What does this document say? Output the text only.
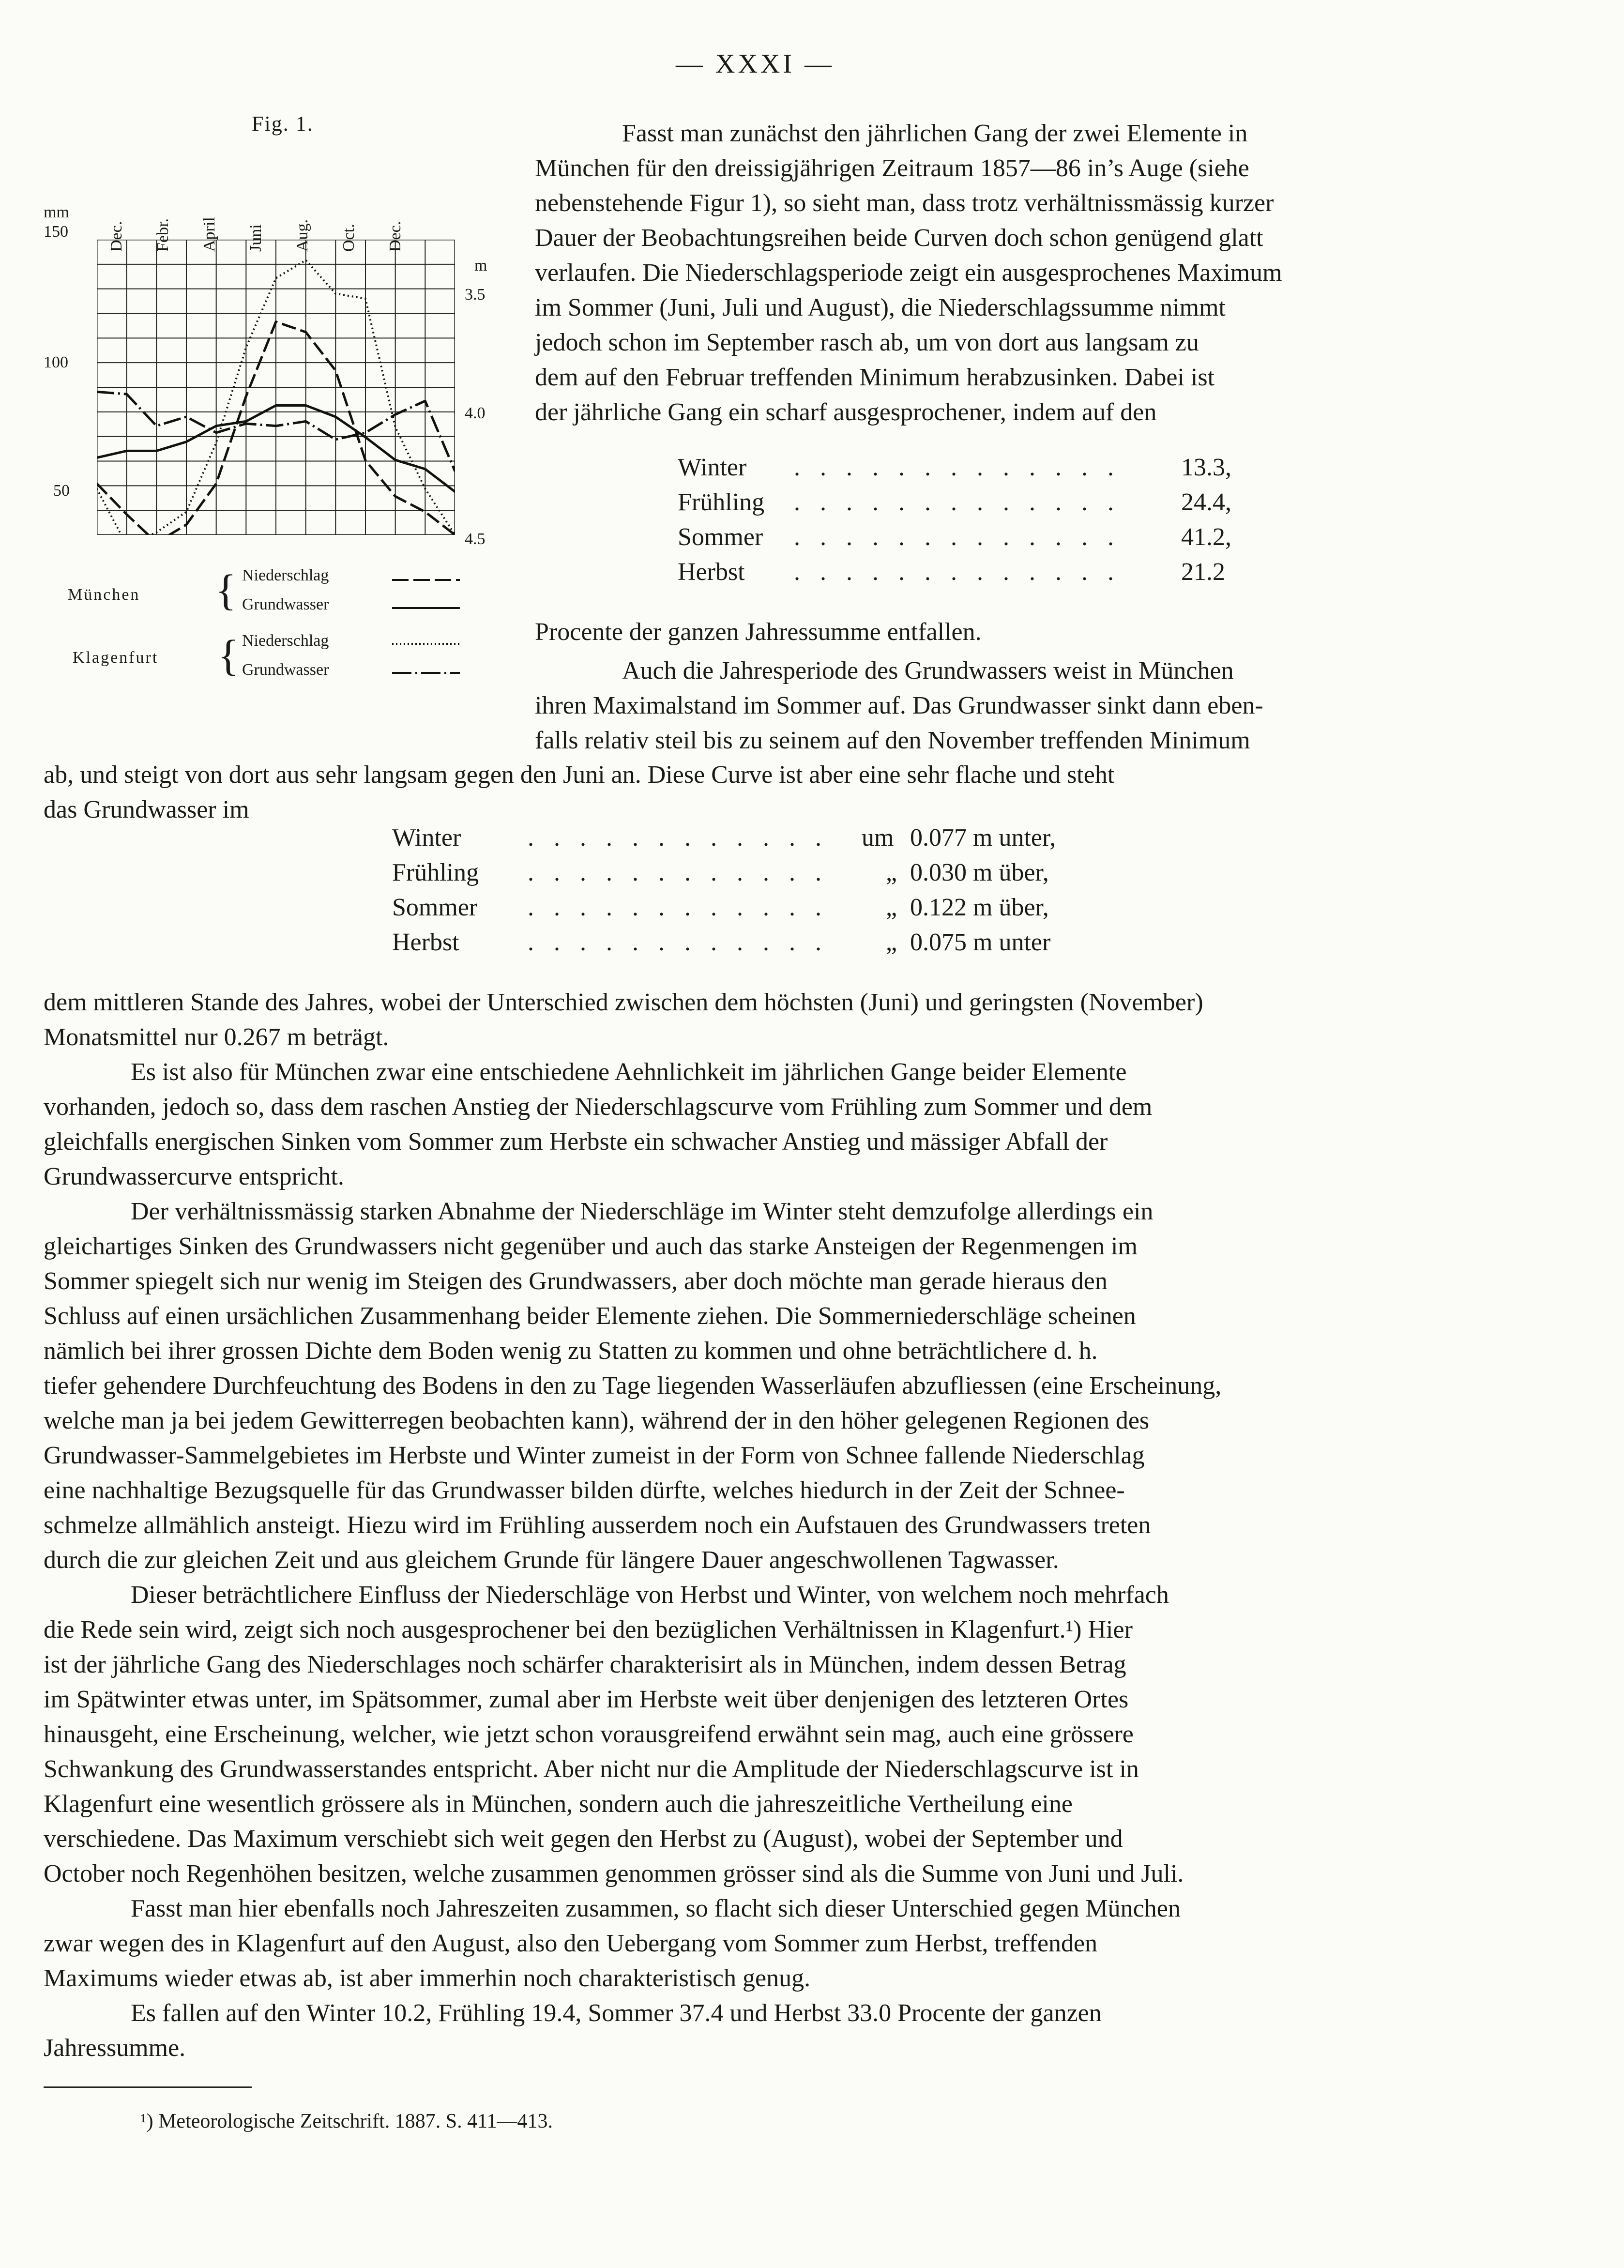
— XXXI —
Fig. 1.
Dec. Febr. April Juni Aug. Oct. Dec.
mm
150
100
50
m
3.5
4.0
4.5
München { Niederschlag
Grundwasser
Klagenfurt { Niederschlag
Grundwasser
Fasst man zunächst den jährlichen Gang der zwei Elemente in
München für den dreissigjährigen Zeitraum 1857—86 in’s Auge (siehe
nebenstehende Figur 1), so sieht man, dass trotz verhältnissmässig kurzer
Dauer der Beobachtungsreihen beide Curven doch schon genügend glatt
verlaufen. Die Niederschlagsperiode zeigt ein ausgesprochenes Maximum
im Sommer (Juni, Juli und August), die Niederschlagssumme nimmt
jedoch schon im September rasch ab, um von dort aus langsam zu
dem auf den Februar treffenden Minimum herabzusinken. Dabei ist
der jährliche Gang ein scharf ausgesprochener, indem auf den
Winter . . . . . . . . . . . . . 13.3,
Frühling . . . . . . . . . . . . . 24.4,
Sommer . . . . . . . . . . . . . 41.2,
Herbst . . . . . . . . . . . . . 21.2
Procente der ganzen Jahressumme entfallen.
Auch die Jahresperiode des Grundwassers weist in München
ihren Maximalstand im Sommer auf. Das Grundwasser sinkt dann eben-
falls relativ steil bis zu seinem auf den November treffenden Minimum
ab, und steigt von dort aus sehr langsam gegen den Juni an. Diese Curve ist aber eine sehr flache und steht
das Grundwasser im
Winter	. . . . . . . . . . . . um 0.077 m unter,
Frühling . . . . . . . . . . . . „ 0.030 m über,
Sommer . . . . . . . . . . . . „ 0.122 m über,
Herbst	. . . . . . . . . . . . „ 0.075 m unter
dem mittleren Stande des Jahres, wobei der Unterschied zwischen dem höchsten (Juni) und geringsten (November)
Monatsmittel nur 0.267 m beträgt.
Es ist also für München zwar eine entschiedene Aehnlichkeit im jährlichen Gange beider Elemente
vorhanden, jedoch so, dass dem raschen Anstieg der Niederschlagscurve vom Frühling zum Sommer und dem
gleichfalls energischen Sinken vom Sommer zum Herbste ein schwacher Anstieg und mässiger Abfall der
Grundwassercurve entspricht.
Der verhältnissmässig starken Abnahme der Niederschläge im Winter steht demzufolge allerdings ein
gleichartiges Sinken des Grundwassers nicht gegenüber und auch das starke Ansteigen der Regenmengen im
Sommer spiegelt sich nur wenig im Steigen des Grundwassers, aber doch möchte man gerade hieraus den
Schluss auf einen ursächlichen Zusammenhang beider Elemente ziehen. Die Sommerniederschläge scheinen
nämlich bei ihrer grossen Dichte dem Boden wenig zu Statten zu kommen und ohne beträchtlichere d. h.
tiefer gehendere Durchfeuchtung des Bodens in den zu Tage liegenden Wasserläufen abzufliessen (eine Erscheinung,
welche man ja bei jedem Gewitterregen beobachten kann), während der in den höher gelegenen Regionen des
Grundwasser-Sammelgebietes im Herbste und Winter zumeist in der Form von Schnee fallende Niederschlag
eine nachhaltige Bezugsquelle für das Grundwasser bilden dürfte, welches hiedurch in der Zeit der Schnee-
schmelze allmählich ansteigt. Hiezu wird im Frühling ausserdem noch ein Aufstauen des Grundwassers treten
durch die zur gleichen Zeit und aus gleichem Grunde für längere Dauer angeschwollenen Tagwasser.
Dieser beträchtlichere Einfluss der Niederschläge von Herbst und Winter, von welchem noch mehrfach
die Rede sein wird, zeigt sich noch ausgesprochener bei den bezüglichen Verhältnissen in Klagenfurt.¹) Hier
ist der jährliche Gang des Niederschlages noch schärfer charakterisirt als in München, indem dessen Betrag
im Spätwinter etwas unter, im Spätsommer, zumal aber im Herbste weit über denjenigen des letzteren Ortes
hinausgeht, eine Erscheinung, welcher, wie jetzt schon vorausgreifend erwähnt sein mag, auch eine grössere
Schwankung des Grundwasserstandes entspricht. Aber nicht nur die Amplitude der Niederschlagscurve ist in
Klagenfurt eine wesentlich grössere als in München, sondern auch die jahreszeitliche Vertheilung eine
verschiedene. Das Maximum verschiebt sich weit gegen den Herbst zu (August), wobei der September und
October noch Regenhöhen besitzen, welche zusammen genommen grösser sind als die Summe von Juni und Juli.
Fasst man hier ebenfalls noch Jahreszeiten zusammen, so flacht sich dieser Unterschied gegen München
zwar wegen des in Klagenfurt auf den August, also den Uebergang vom Sommer zum Herbst, treffenden
Maximums wieder etwas ab, ist aber immerhin noch charakteristisch genug.
Es fallen auf den Winter 10.2, Frühling 19.4, Sommer 37.4 und Herbst 33.0 Procente der ganzen
Jahressumme.
¹) Meteorologische Zeitschrift. 1887. S. 411—413.
